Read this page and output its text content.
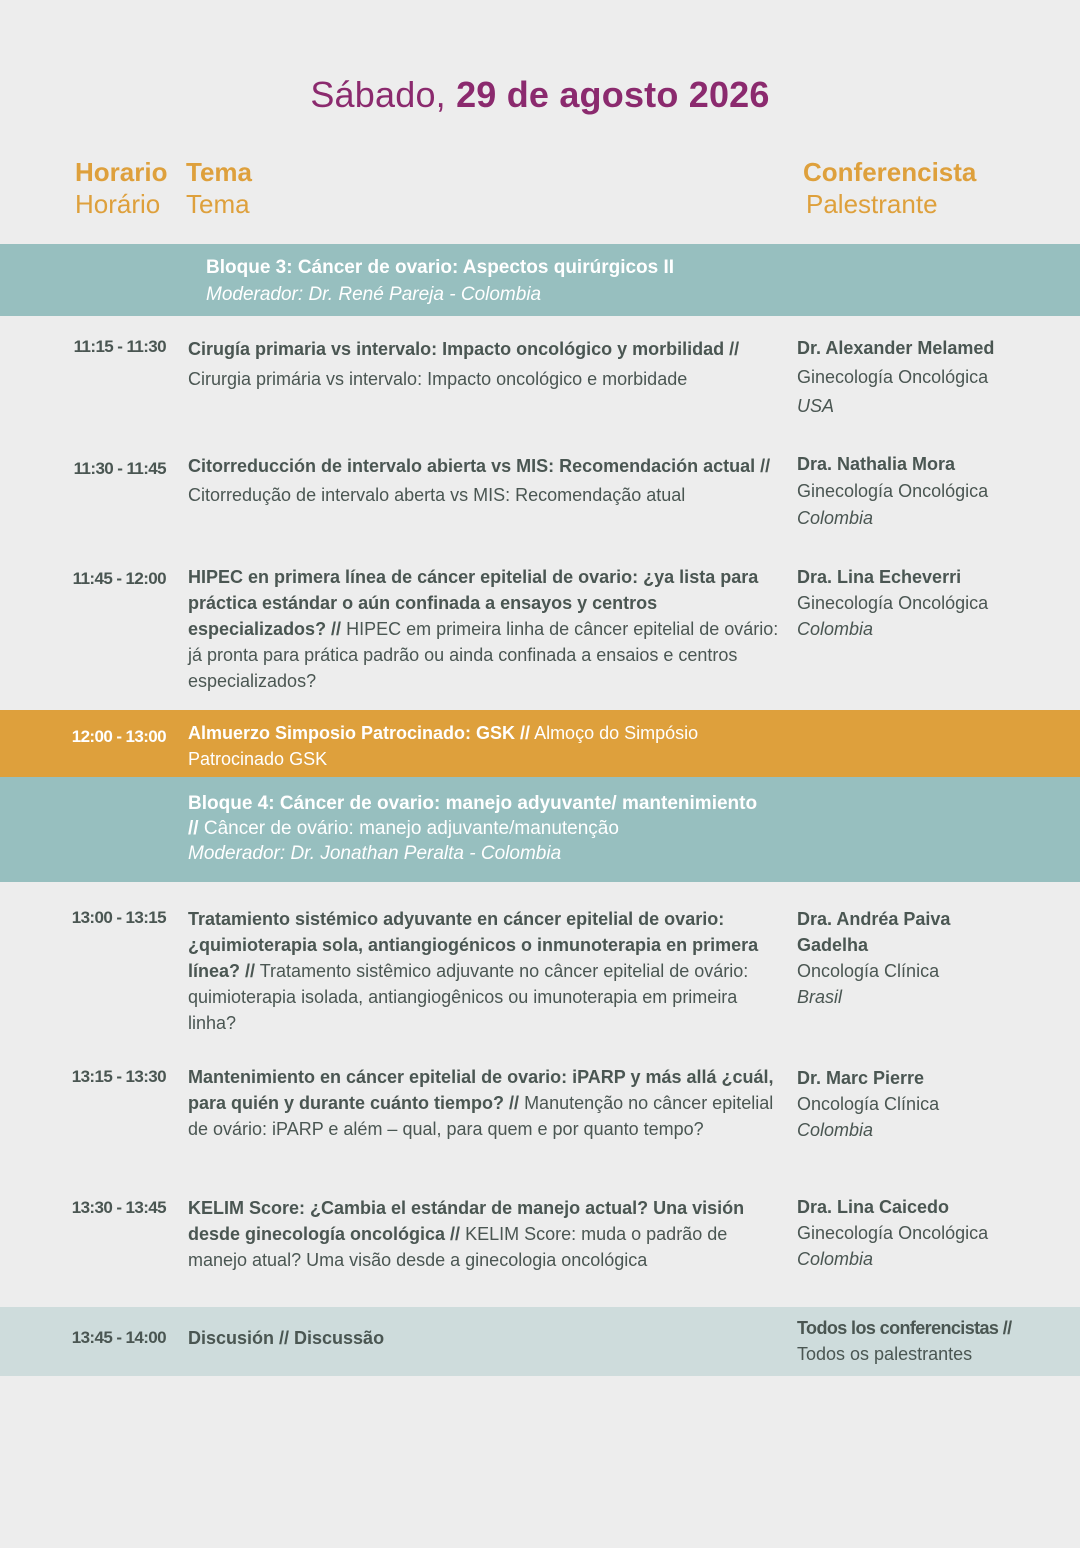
Sábado, 29 de agosto 2026
Horario
Horário
Tema
Tema
Conferencista
Palestrante
Bloque 3: Cáncer de ovario: Aspectos quirúrgicos II
Moderador: Dr. René Pareja - Colombia
11:15 - 11:30 Cirugía primaria vs intervalo: Impacto oncológico y morbilidad // Cirurgia primária vs intervalo: Impacto oncológico e morbidade
Dr. Alexander Melamed
Ginecología Oncológica
USA
11:30 - 11:45 Citorreducción de intervalo abierta vs MIS: Recomendación actual // Citorredução de intervalo aberta vs MIS: Recomendação atual
Dra. Nathalia Mora
Ginecología Oncológica
Colombia
11:45 - 12:00 HIPEC en primera línea de cáncer epitelial de ovario: ¿ya lista para práctica estándar o aún confinada a ensayos y centros especializados? // HIPEC em primeira linha de câncer epitelial de ovário: já pronta para prática padrão ou ainda confinada a ensaios e centros especializados?
Dra. Lina Echeverri
Ginecología Oncológica
Colombia
12:00 - 13:00 Almuerzo Simposio Patrocinado: GSK // Almoço do Simpósio Patrocinado GSK
Bloque 4: Cáncer de ovario: manejo adyuvante/ mantenimiento
// Câncer de ovário: manejo adjuvante/manutenção
Moderador: Dr. Jonathan Peralta - Colombia
13:00 - 13:15 Tratamiento sistémico adyuvante en cáncer epitelial de ovario: ¿quimioterapia sola, antiangiogénicos o inmunoterapia en primera línea? // Tratamento sistêmico adjuvante no câncer epitelial de ovário: quimioterapia isolada, antiangiogênicos ou imunoterapia em primeira linha?
Dra. Andréa Paiva Gadelha
Oncología Clínica
Brasil
13:15 - 13:30 Mantenimiento en cáncer epitelial de ovario: iPARP y más allá ¿cuál, para quién y durante cuánto tiempo? // Manutenção no câncer epitelial de ovário: iPARP e além – qual, para quem e por quanto tempo?
Dr. Marc Pierre
Oncología Clínica
Colombia
13:30 - 13:45 KELIM Score: ¿Cambia el estándar de manejo actual? Una visión desde ginecología oncológica // KELIM Score: muda o padrão de manejo atual? Uma visão desde a ginecologia oncológica
Dra. Lina Caicedo
Ginecología Oncológica
Colombia
13:45 - 14:00 Discusión // Discussão	Todos los conferencistas //
Todos os palestrantes
